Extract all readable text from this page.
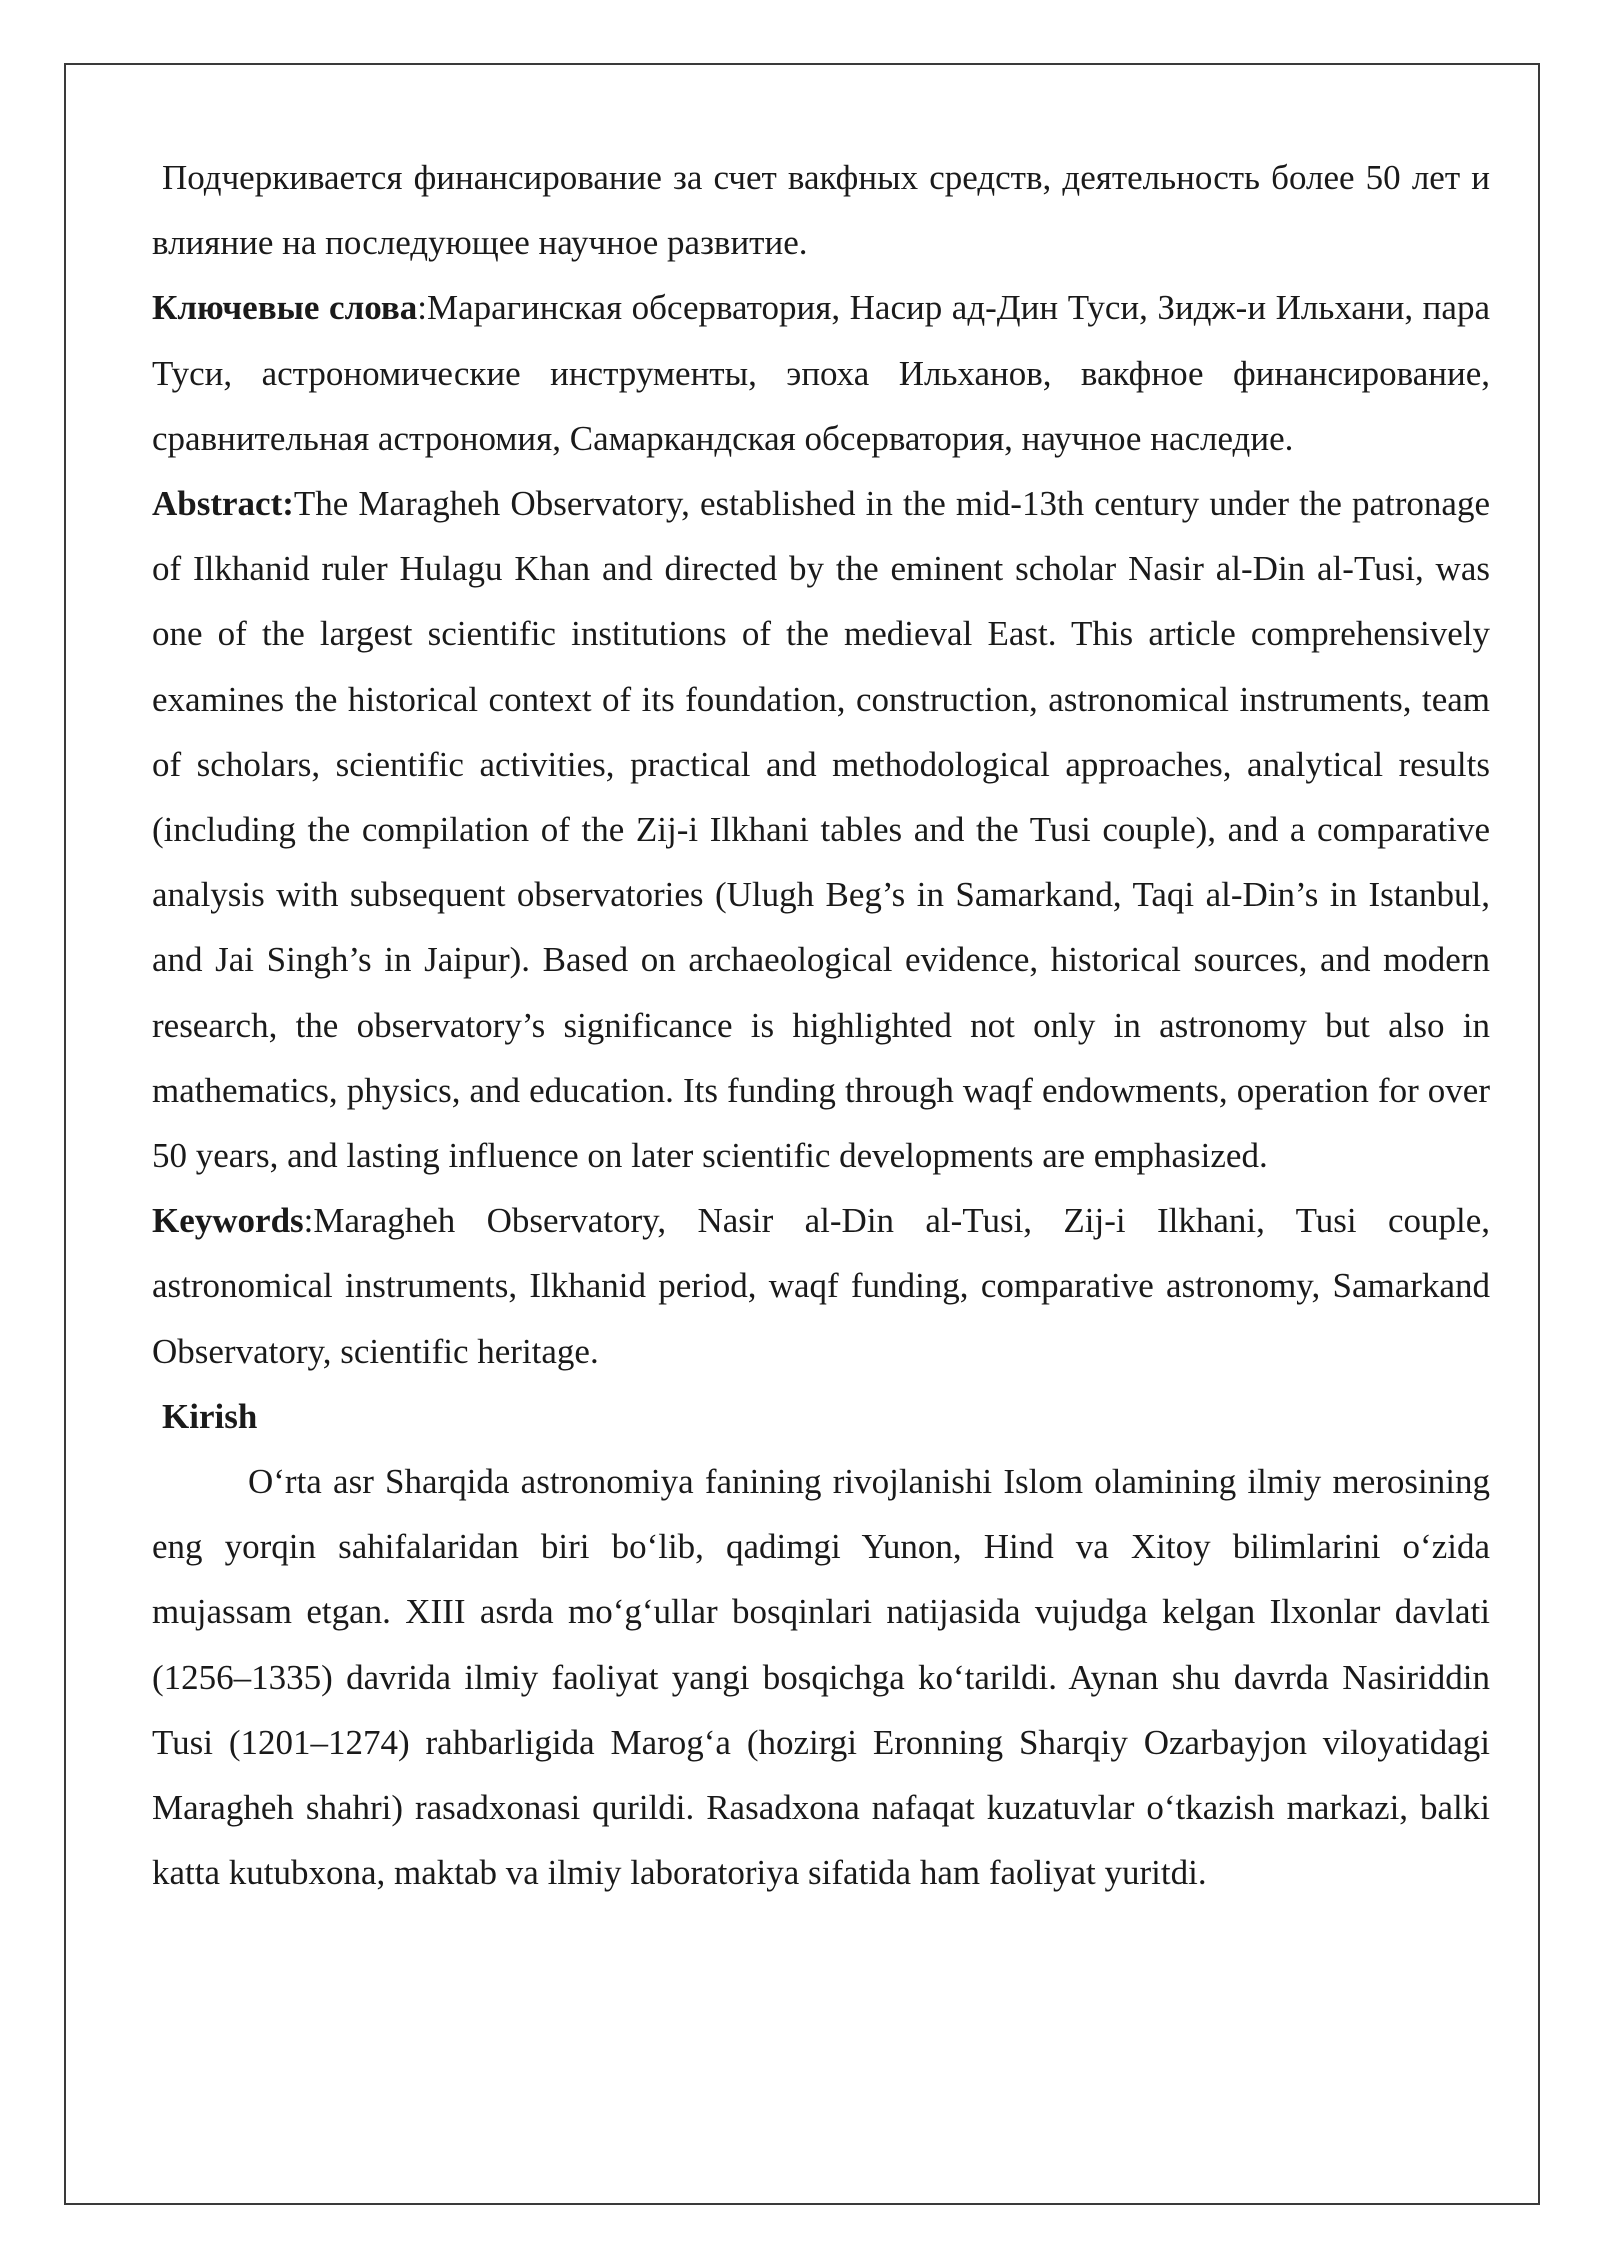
Подчеркивается финансирование за счет вакфных средств, деятельность более 50 лет и влияние на последующее научное развитие.

Ключевые слова:Марагинская обсерватория, Насир ад-Дин Туси, Зидж-и Ильхани, пара Туси, астрономические инструменты, эпоха Ильханов, вакфное финансирование, сравнительная астрономия, Самаркандская обсерватория, научное наследие.

Abstract:The Maragheh Observatory, established in the mid-13th century under the patronage of Ilkhanid ruler Hulagu Khan and directed by the eminent scholar Nasir al-Din al-Tusi, was one of the largest scientific institutions of the medieval East. This article comprehensively examines the historical context of its foundation, construction, astronomical instruments, team of scholars, scientific activities, practical and methodological approaches, analytical results (including the compilation of the Zij-i Ilkhani tables and the Tusi couple), and a comparative analysis with subsequent observatories (Ulugh Beg’s in Samarkand, Taqi al-Din’s in Istanbul, and Jai Singh’s in Jaipur). Based on archaeological evidence, historical sources, and modern research, the observatory’s significance is highlighted not only in astronomy but also in mathematics, physics, and education. Its funding through waqf endowments, operation for over 50 years, and lasting influence on later scientific developments are emphasized.

Keywords:Maragheh Observatory, Nasir al-Din al-Tusi, Zij-i Ilkhani, Tusi couple, astronomical instruments, Ilkhanid period, waqf funding, comparative astronomy, Samarkand Observatory, scientific heritage.

Kirish

O‘rta asr Sharqida astronomiya fanining rivojlanishi Islom olamining ilmiy merosining eng yorqin sahifalaridan biri bo‘lib, qadimgi Yunon, Hind va Xitoy bilimlarini o‘zida mujassam etgan. XIII asrda mo‘g‘ullar bosqinlari natijasida vujudga kelgan Ilxonlar davlati (1256–1335) davrida ilmiy faoliyat yangi bosqichga ko‘tarildi. Aynan shu davrda Nasiriddin Tusi (1201–1274) rahbarligida Marog‘a (hozirgi Eronning Sharqiy Ozarbayjon viloyatidagi Maragheh shahri) rasadxonasi qurildi. Rasadxona nafaqat kuzatuvlar o‘tkazish markazi, balki katta kutubxona, maktab va ilmiy laboratoriya sifatida ham faoliyat yuritdi.
